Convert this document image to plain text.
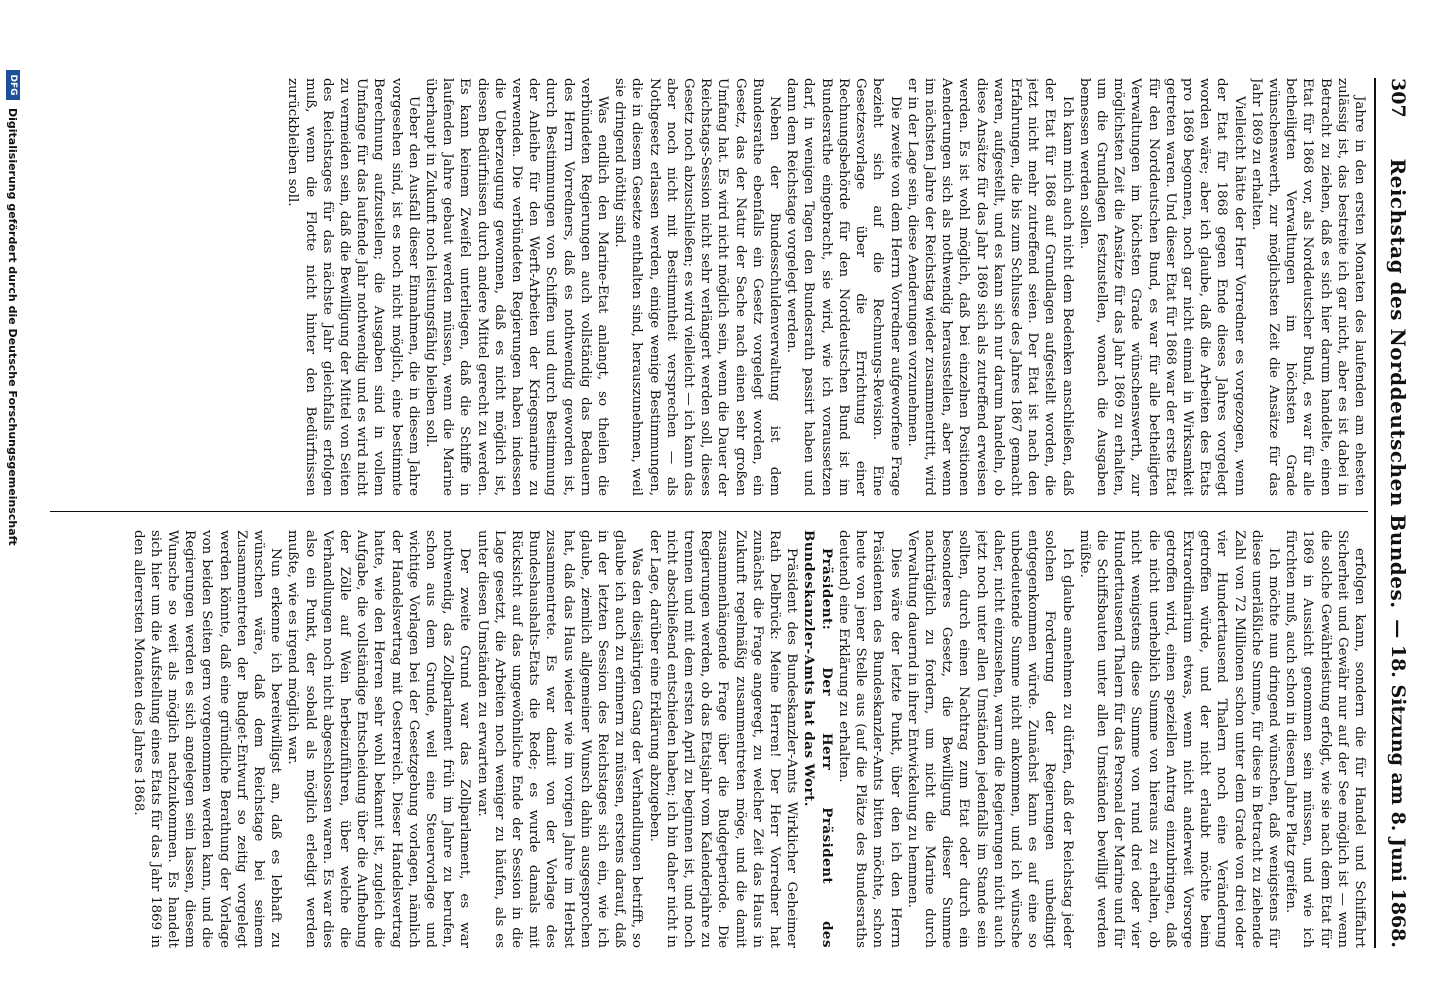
307
Reichstag des Norddeutschen Bundes.
— 18. Sitzung am 8. Juni 1868.

Jahre in den ersten Monaten des laufenden am ehesten zulässig ist, das bestreite ich gar nicht, aber es ist dabei in Betracht zu ziehen, daß es sich hier darum handelte, einen Etat für 1868 vor, als Norddeutscher Bund, es war für alle betheiligten Verwaltungen im höchsten Grade wünschenswerth, zur möglichsten Zeit die Ansätze für das Jahr 1869 zu erhalten.

Vielleicht hätte der Herr Vorredner es vorgezogen, wenn der Etat für 1868 gegen Ende dieses Jahres vorgelegt worden wäre; aber ich glaube, daß die Arbeiten des Etats pro 1869 begonnen, noch gar nicht einmal in Wirksamkeit getreten waren. Und dieser Etat für 1868 war der erste Etat für den Norddeutschen Bund, es war für alle betheiligten Verwaltungen im höchsten Grade wünschenswerth, zur möglichsten Zeit die Ansätze für das Jahr 1869 zu erhalten, um die Grundlagen festzustellen, wonach die Ausgaben bemessen werden sollen.

Ich kann mich auch nicht dem Bedenken anschließen, daß der Etat für 1868 auf Grundlagen aufgestellt worden, die jetzt nicht mehr zutreffend seien. Der Etat ist nach den Erfahrungen, die bis zum Schlusse des Jahres 1867 gemacht waren, aufgestellt, und es kann sich nur darum handeln, ob diese Ansätze für das Jahr 1869 sich als zutreffend erweisen werden. Es ist wohl möglich, daß bei einzelnen Positionen Aenderungen sich als nothwendig herausstellen, aber wenn im nächsten Jahre der Reichstag wieder zusammentritt, wird er in der Lage sein, diese Aenderungen vorzunehmen.

Die zweite von dem Herrn Vorredner aufgeworfene Frage bezieht sich auf die Rechnungs-Revision. Eine Gesetzesvorlage über die Errichtung einer Rechnungsbehörde für den Norddeutschen Bund ist im Bundesrathe eingebracht, sie wird, wie ich voraussetzen darf, in wenigen Tagen den Bundesrath passirt haben und dann dem Reichstage vorgelegt werden.

Neben der Bundesschuldenverwaltung ist dem Bundesrathe ebenfalls ein Gesetz vorgelegt worden, ein Gesetz, das der Natur der Sache nach einen sehr großen Umfang hat. Es wird nicht möglich sein, wenn die Dauer der Reichstags-Session nicht sehr verlängert werden soll, dieses Gesetz noch abzuschließen; es wird vielleicht — ich kann das aber noch nicht mit Bestimmtheit versprechen — als Nothgesetz erlassen werden, einige wenige Bestimmungen, die in diesem Gesetze enthalten sind, herauszunehmen, weil sie dringend nöthig sind.

Was endlich den Marine-Etat anlangt, so theilen die verbündeten Regierungen auch vollständig das Bedauern des Herrn Vorredners, daß es nothwendig geworden ist, durch Bestimmungen von Schiffen und durch Bestimmung der Anleihe für den Werft-Arbeiten der Kriegsmarine zu verwenden. Die verbündeten Regierungen haben indessen die Ueberzeugung gewonnen, daß es nicht möglich ist, diesen Bedürfnissen durch andere Mittel gerecht zu werden. Es kann keinem Zweifel unterliegen, daß die Schiffe in laufenden Jahre gebaut werden müssen, wenn die Marine überhaupt in Zukunft noch leistungsfähig bleiben soll.

Ueber den Ausfall dieser Einnahmen, die in diesem Jahre vorgesehen sind, ist es noch nicht möglich, eine bestimmte Berechnung aufzustellen; die Ausgaben sind in vollem Umfange für das laufende Jahr nothwendig und es wird nicht zu vermeiden sein, daß die Bewilligung der Mittel von Seiten des Reichstages für das nächste Jahr gleichfalls erfolgen muß, wenn die Flotte nicht hinter den Bedürfnissen zurückbleiben soll.

erfolgen kann, sondern die für Handel und Schiffahrt Sicherheit und Gewähr nur auf der See möglich ist — wenn die solche Gewährleistung erfolgt, wie sie nach dem Etat für 1869 in Aussicht genommen sein müssen, und wie ich fürchten muß, auch schon in diesem Jahre Platz greifen.

Ich möchte nun dringend wünschen, daß wenigstens für diese unerläßliche Summe, für diese in Betracht zu ziehende Zahl von 72 Millionen schon unter dem Grade von drei oder vier Hunderttausend Thalern noch eine Veränderung getroffen würde, und der nicht erlaubt möchte beim Extraordinarium etwas, wenn nicht anderweit Vorsorge getroffen wird, einen speziellen Antrag einzubringen, daß die nicht unerheblich Summe von hieraus zu erhalten, ob nicht wenigstens diese Summe von rund drei oder vier Hunderttausend Thalern für das Personal der Marine und für die Schiffsbauten unter allen Umständen bewilligt werden müßte.

Ich glaube annehmen zu dürfen, daß der Reichstag jeder solchen Forderung der Regierungen unbedingt entgegenkommen würde. Zunächst kann es auf eine so unbedeutende Summe nicht ankommen, und ich wünsche daher, nicht einzusehen, warum die Regierungen nicht auch jetzt noch unter allen Umständen jedenfalls im Stande sein sollten, durch einen Nachtrag zum Etat oder durch ein besonderes Gesetz, die Bewilligung dieser Summe nachträglich zu fordern, um nicht die Marine durch Verwaltung dauernd in ihrer Entwickelung zu hemmen.

Dies wäre der letzte Punkt, über den ich den Herrn Präsidenten des Bundeskanzler-Amts bitten möchte, schon heute von jener Stelle aus (auf die Plätze des Bundesraths deutend) eine Erklärung zu erhalten.

Präsident: Der Herr Präsident des Bundeskanzler-Amts hat das Wort.

Präsident des Bundeskanzler-Amts Wirklicher Geheimer Rath Delbrück: Meine Herren! Der Herr Vorredner hat zunächst die Frage angeregt, zu welcher Zeit das Haus in Zukunft regelmäßig zusammentreten möge, und die damit zusammenhängende Frage über die Budgetperiode. Die Regierungen werden, ob das Etatsjahr vom Kalenderjahre zu trennen und mit dem ersten April zu beginnen ist, und noch nicht abschließend entschieden haben; ich bin daher nicht in der Lage, darüber eine Erklärung abzugeben.

Was den diesjährigen Gang der Verhandlungen betrifft, so glaube ich auch zu erinnern zu müssen, erstens darauf, daß in der letzten Session des Reichstages sich ein, wie ich glaube, ziemlich allgemeiner Wunsch dahin ausgesprochen hat, daß das Haus wieder wie im vorigen Jahre im Herbst zusammentrete. Es war damit von der Vorlage des Bundeshaushalts-Etats die Rede; es wurde damals mit Rücksicht auf das ungewöhnliche Ende der Session in die Lage gesetzt, die Arbeiten noch weniger zu häufen, als es unter diesen Umständen zu erwarten war.

Der zweite Grund war das Zollparlament, es war nothwendig, das Zollparlament früh im Jahre zu berufen, schon aus dem Grunde, weil eine Steuervorlage und wichtige Vorlagen bei der Gesetzgebung vorlagen, nämlich der Handelsvertrag mit Oesterreich. Dieser Handelsvertrag hatte, wie den Herren sehr wohl bekannt ist, zugleich die Aufgabe, die vollständige Entscheidung über die Aufhebung der Zölle auf Wein herbeizuführen, über welche die Verhandlungen noch nicht abgeschlossen waren. Es war dies also ein Punkt, der sobald als möglich erledigt werden mußte, wie es irgend möglich war.

Nun erkenne ich bereitwilligst an, daß es lebhaft zu wünschen wäre, daß dem Reichstage bei seinem Zusammentreten der Budget-Entwurf so zeitig vorgelegt werden könnte, daß eine gründliche Berathung der Vorlage von beiden Seiten gern vorgenommen werden kann, und die Regierungen werden es sich angelegen sein lassen, diesem Wunsche so weit als möglich nachzukommen. Es handelt sich hier um die Aufstellung eines Etats für das Jahr 1869 in den allerersten Monaten des Jahres 1868.

DFG
Digitalisierung gefördert durch die Deutsche Forschungsgemeinschaft
